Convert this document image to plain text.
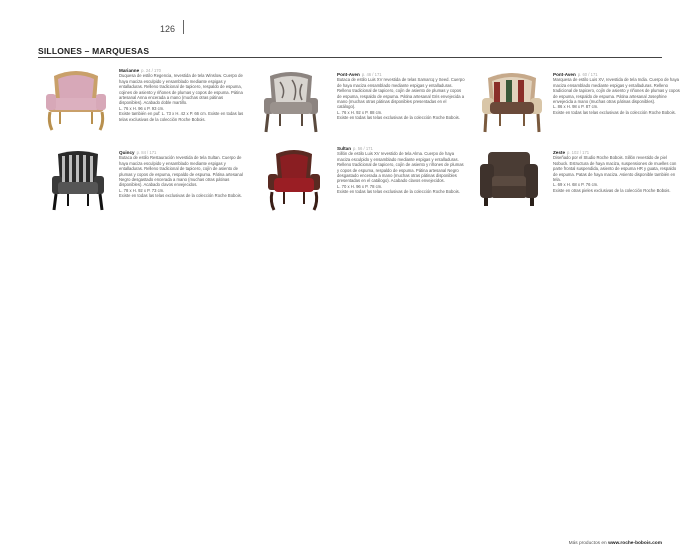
126
SILLONES – MARQUESAS

Marianne p. 24 / 170

Duquesa de estilo Regencia, revestida de tela Winslow. Cuerpo de haya maciza esculpido y ensamblado mediante espigas y entalladuras. Relleno tradicional de tapicero, respaldo de espuma, cojines de asiento y riñones de plumas y copos de espuma. Pátina artesanal Anna encerada a mano (muchas otras pátinas disponibles). Acabado doble martillo.

L. 76 x H. 96 x P. 93 cm.

Existe también en puf: L. 73 x H. 42 x P. 66 cm. Existe en todas las telas exclusivas de la colección Roche Bobois.

Pont-Aven p. 46 / 171

Butaca de estilo Luis XV revestida de telas Samarcq y Seed. Cuerpo de haya maciza ensamblado mediante espigas y entalladuras. Relleno tradicional de tapicero, cojín de asiento de plumas y copos de espuma, respaldo de espuma. Pátina artesanal Gris envejecida a mano (muchas otras pátinas disponibles presentadas en el catálogo).

L. 76 x H. 92 x P. 88 cm.

Existe en todas las telas exclusivas de la colección Roche Bobois.

Pont-Aven p. 60 / 171

Marquesa de estilo Luis XV, revestida de tela India. Cuerpo de haya maciza ensamblado mediante espigas y entalladuras. Relleno tradicional de tapicero, cojín de asiento y riñones de plumas y copos de espuma, respaldo de espuma. Pátina artesanal Josephine envejecida a mano (muchas otras pátinas disponibles).

L. 86 x H. 98 x P. 87 cm.

Existe en todas las telas exclusivas de la colección Roche Bobois.

Quincy p. 84 / 171

Butaca de estilo Restauración revestida de tela Sultan. Cuerpo de haya maciza esculpido y ensamblado mediante espigas y entalladuras. Relleno tradicional de tapicero, cojín de asiento de plumas y copos de espuma, respaldo de espuma. Pátina artesanal Negro desgastado encerada a mano (muchas otras pátinas disponibles). Acabado clavos envejecidos.

L. 78 x H. 92 x P. 73 cm.

Existe en todas las telas exclusivas de la colección Roche Bobois.

Sultan p. 56 / 171

Sillón de estilo Luis XV revestido de tela Alma. Cuerpo de haya maciza esculpido y ensamblado mediante espigas y entalladuras. Relleno tradicional de tapicero, cojín de asiento y riñones de plumas y copos de espuma, respaldo de espuma. Pátina artesanal Negro desgastado encerada a mano (muchas otras pátinas disponibles presentadas en el catálogo). Acabado clavos envejecidos.

L. 70 x H. 96 x P. 78 cm.

Existe en todas las telas exclusivas de la colección Roche Bobois.

Zeste p. 102 / 171

Diseñado por el Studio Roche Bobois. Sillón revestido de piel Nobuck. Estructura de haya maciza, suspensiones de muelles con parte frontal suspendida, asiento de espuma HR y guata, respaldo de espuma. Patas de haya maciza. Asiento disponible también en tela.

L. 69 x H. 68 x P. 76 cm.

Existe en otras pieles exclusivas de la colección Roche Bobois.

Más productos en www.roche-bobois.com
